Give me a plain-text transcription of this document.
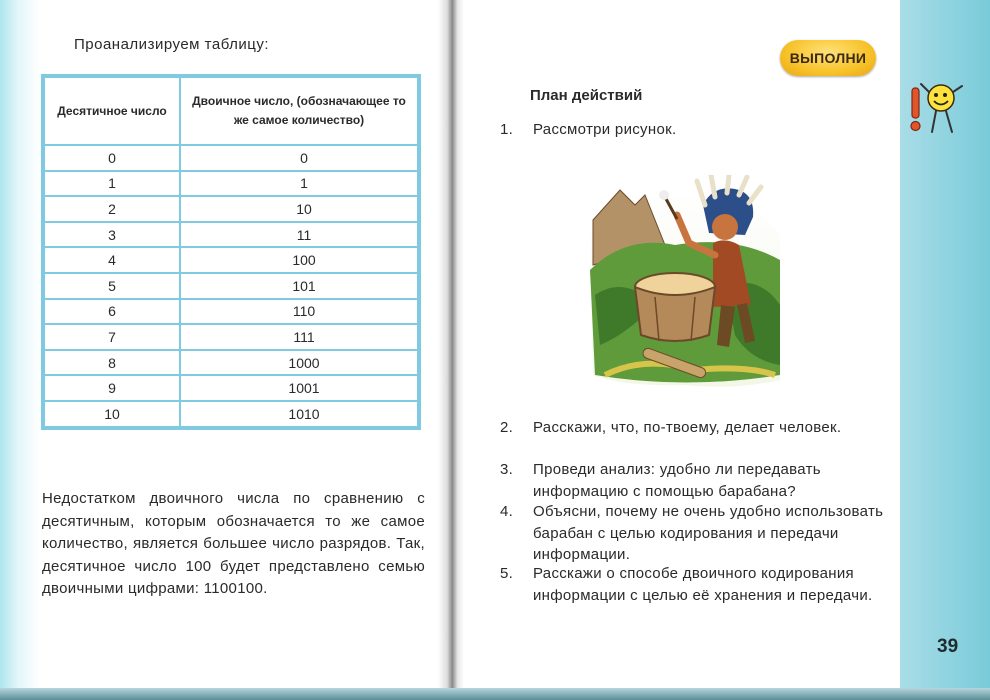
Проанализируем таблицу:
Десятичное число	Двоичное число, (обозначающее то же самое количество)
0	0
1	1
2	10
3	11
4	100
5	101
6	110
7	111
8	1000
9	1001
10	1010
Недостатком двоичного числа по сравнению с десятичным, которым обозначается то же самое количество, является большее число разрядов. Так, десятичное число 100 будет представлено семью двоичными цифрами: 1100100.
ВЫПОЛНИ
План действий
1.	Рассмотри рисунок.
2.	Расскажи, что, по-твоему, делает человек.
3.	Проведи анализ: удобно ли передавать информацию с помощью барабана?
4.	Объясни, почему не очень удобно использовать барабан с целью кодирования и передачи информации.
5.	Расскажи о способе двоичного кодирования информации с целью её хранения и передачи.
39
